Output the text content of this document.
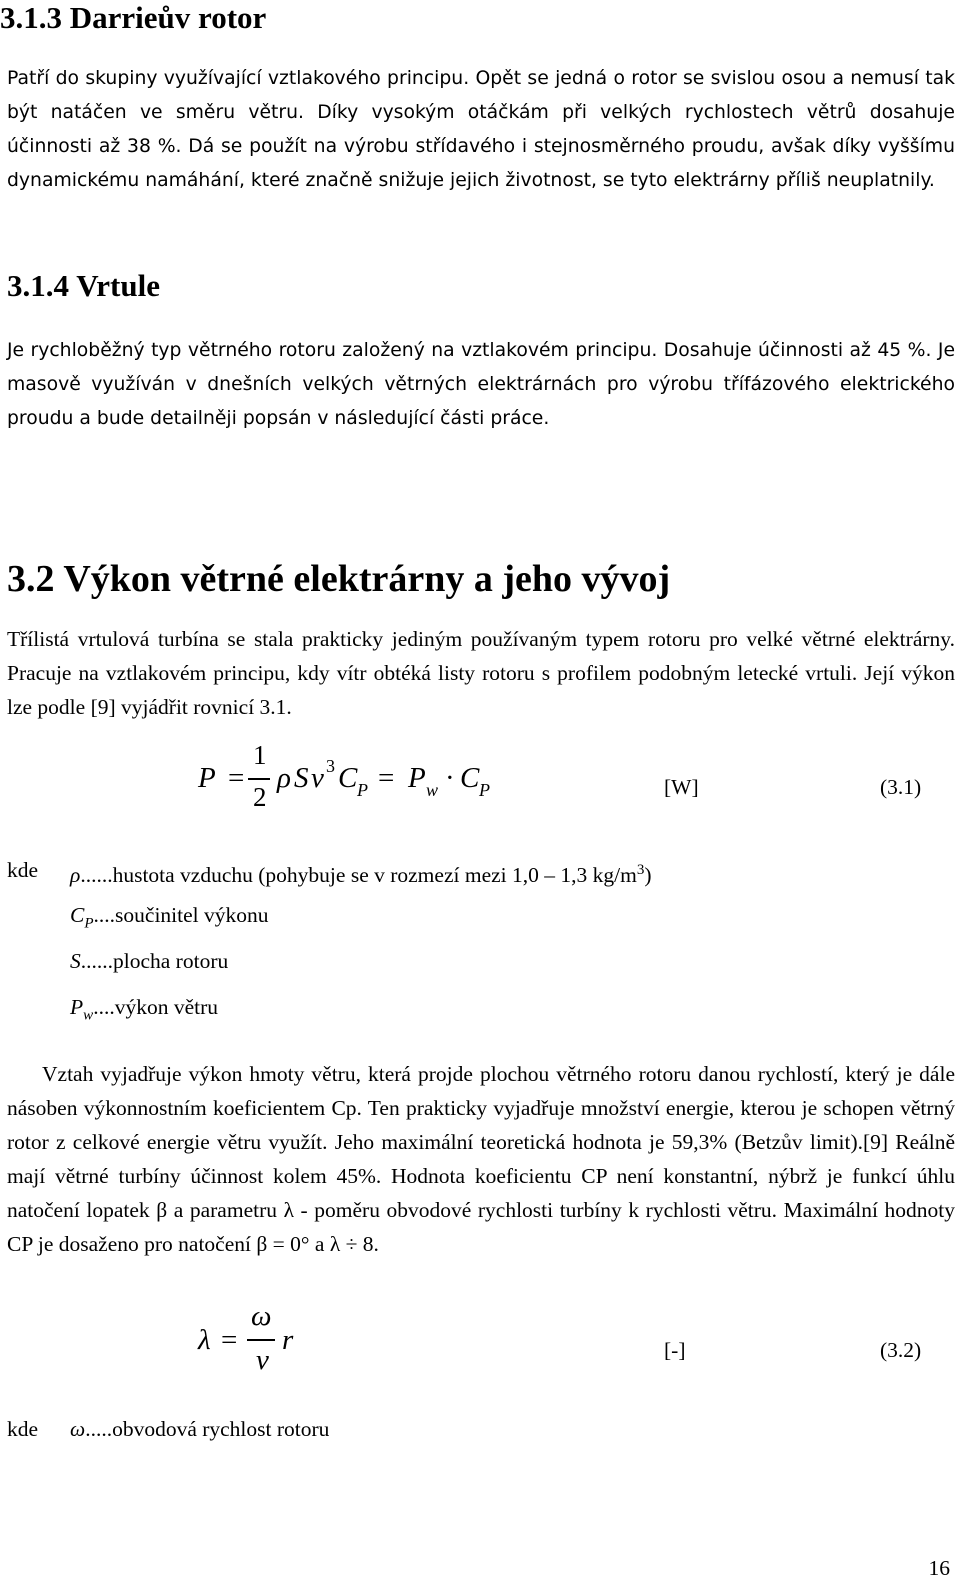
3.1.3 Darrieův rotor

Patří do skupiny využívající vztlakového principu. Opět se jedná o rotor se svislou osou a nemusí tak být natáčen ve směru větru. Díky vysokým otáčkám při velkých rychlostech větrů dosahuje účinnosti až 38 %. Dá se použít na výrobu střídavého i stejnosměrného proudu, avšak díky vyššímu dynamickému namáhání, které značně snižuje jejich životnost, se tyto elektrárny příliš neuplatnily.

3.1.4 Vrtule

Je rychloběžný typ větrného rotoru založený na vztlakovém principu. Dosahuje účinnosti až 45 %. Je masově využíván v dnešních velkých větrných elektrárnách pro výrobu třífázového elektrického proudu a bude detailněji popsán v následující části práce.

3.2 Výkon větrné elektrárny a jeho vývoj

Třílistá vrtulová turbína se stala prakticky jediným používaným typem rotoru pro velké větrné elektrárny. Pracuje na vztlakovém principu, kdy vítr obtéká listy rotoru s profilem podobným letecké vrtuli. Její výkon lze podle [9] vyjádřit rovnicí 3.1.

P =
1
2
ρ S v 3 C P = P w · C P	[W]	(3.1)
kde ρ......hustota vzduchu (pohybuje se v rozmezí mezi 1,0 – 1,3 $kg/m^3$)
$C_P....součinitel$ výkonu
S......plocha rotoru
$P_w....výkon$ větru

Vztah vyjadřuje výkon hmoty větru, která projde plochou větrného rotoru danou rychlostí, který je dále násoben výkonnostním koeficientem Cp. Ten prakticky vyjadřuje množství energie, kterou je schopen větrný rotor z celkové energie větru využít. Jeho maximální teoretická hodnota je 59,3% (Betzův limit).[9] Reálně mají větrné turbíny účinnost kolem 45%. Hodnota koeficientu CP není konstantní, nýbrž je funkcí úhlu natočení lopatek β a parametru λ - poměru obvodové rychlosti turbíny k rychlosti větru. Maximální hodnoty CP je dosaženo pro natočení β = 0° a λ ÷ 8.

λ =
ω
v
r	[-]	(3.2)
kde ω.....obvodová rychlost rotoru
16
